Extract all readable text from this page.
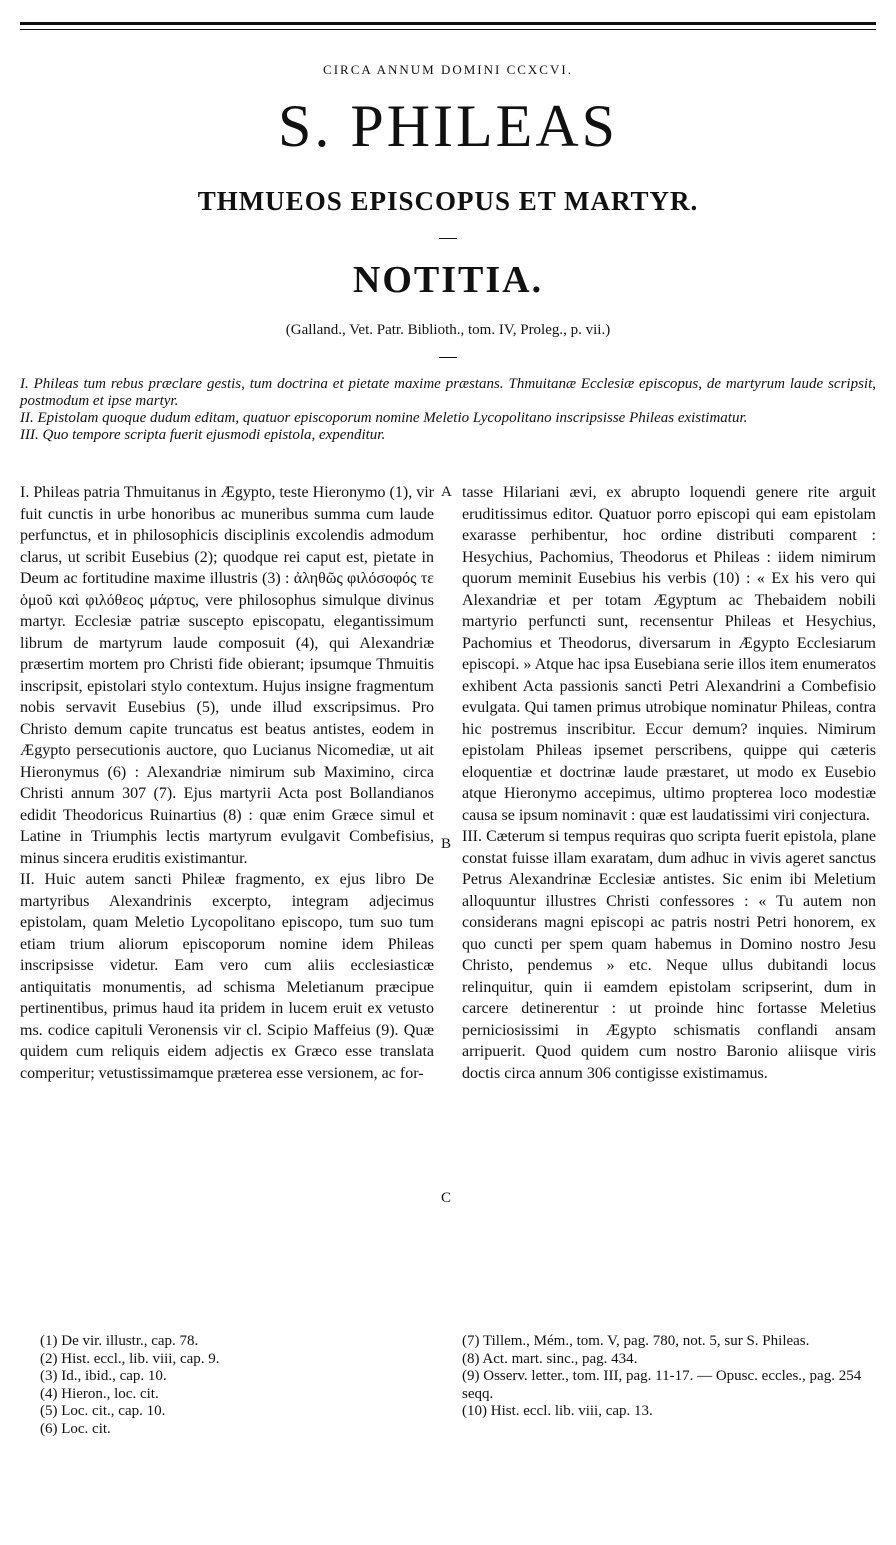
CIRCA ANNUM DOMINI CCXCVI.
S. PHILEAS
THMUEOS EPISCOPUS ET MARTYR.
NOTITIA.
(Galland., Vet. Patr. Biblioth., tom. IV, Proleg., p. vii.)

I. Phileas tum rebus præclare gestis, tum doctrina et pietate maxime præstans. Thmuitanæ Ecclesiæ episcopus, de martyrum laude scripsit, postmodum et ipse martyr.

II. Epistolam quoque dudum editam, quatuor episcoporum nomine Meletio Lycopolitano inscripsisse Phileas existimatur.

III. Quo tempore scripta fuerit ejusmodi epistola, expenditur.

I. Phileas patria Thmuitanus in Ægypto, teste Hieronymo (1), vir fuit cunctis in urbe honoribus ac muneribus summa cum laude perfunctus, et in philosophicis disciplinis excolendis admodum clarus, ut scribit Eusebius (2); quodque rei caput est, pietate in Deum ac fortitudine maxime illustris (3) : ἀληθῶς φιλόσοφός τε ὁμοῦ καὶ φιλόθεος μάρτυς, vere philosophus simulque divinus martyr. Ecclesiæ patriæ suscepto episcopatu, elegantissimum librum de martyrum laude composuit (4), qui Alexandriæ præsertim mortem pro Christi fide obierant; ipsumque Thmuitis inscripsit, epistolari stylo contextum. Hujus insigne fragmentum nobis servavit Eusebius (5), unde illud exscripsimus. Pro Christo demum capite truncatus est beatus antistes, eodem in Ægypto persecutionis auctore, quo Lucianus Nicomediæ, ut ait Hieronymus (6) : Alexandriæ nimirum sub Maximino, circa Christi annum 307 (7). Ejus martyrii Acta post Bollandianos edidit Theodoricus Ruinartius (8) : quæ enim Græce simul et Latine in Triumphis lectis martyrum evulgavit Combefisius, minus sincera eruditis existimantur.

II. Huic autem sancti Phileæ fragmento, ex ejus libro De martyribus Alexandrinis excerpto, integram adjecimus epistolam, quam Meletio Lycopolitano episcopo, tum suo tum etiam trium aliorum episcoporum nomine idem Phileas inscripsisse videtur. Eam vero cum aliis ecclesiasticæ antiquitatis monumentis, ad schisma Meletianum præcipue pertinentibus, primus haud ita pridem in lucem eruit ex vetusto ms. codice capituli Veronensis vir cl. Scipio Maffeius (9). Quæ quidem cum reliquis eidem adjectis ex Græco esse translata comperitur; vetustissimamque præterea esse versionem, ac for-

A
B
C

tasse Hilariani ævi, ex abrupto loquendi genere rite arguit eruditissimus editor. Quatuor porro episcopi qui eam epistolam exarasse perhibentur, hoc ordine distributi comparent : Hesychius, Pachomius, Theodorus et Phileas : iidem nimirum quorum meminit Eusebius his verbis (10) : « Ex his vero qui Alexandriæ et per totam Ægyptum ac Thebaidem nobili martyrio perfuncti sunt, recensentur Phileas et Hesychius, Pachomius et Theodorus, diversarum in Ægypto Ecclesiarum episcopi. » Atque hac ipsa Eusebiana serie illos item enumeratos exhibent Acta passionis sancti Petri Alexandrini a Combefisio evulgata. Qui tamen primus utrobique nominatur Phileas, contra hic postremus inscribitur. Eccur demum? inquies. Nimirum epistolam Phileas ipsemet perscribens, quippe qui cæteris eloquentiæ et doctrinæ laude præstaret, ut modo ex Eusebio atque Hieronymo accepimus, ultimo propterea loco modestiæ causa se ipsum nominavit : quæ est laudatissimi viri conjectura.

III. Cæterum si tempus requiras quo scripta fuerit epistola, plane constat fuisse illam exaratam, dum adhuc in vivis ageret sanctus Petrus Alexandrinæ Ecclesiæ antistes. Sic enim ibi Meletium alloquuntur illustres Christi confessores : « Tu autem non considerans magni episcopi ac patris nostri Petri honorem, ex quo cuncti per spem quam habemus in Domino nostro Jesu Christo, pendemus » etc. Neque ullus dubitandi locus relinquitur, quin ii eamdem epistolam scripserint, dum in carcere detinerentur : ut proinde hinc fortasse Meletius perniciosissimi in Ægypto schismatis conflandi ansam arripuerit. Quod quidem cum nostro Baronio aliisque viris doctis circa annum 306 contigisse existimamus.

(1) De vir. illustr., cap. 78.
(2) Hist. eccl., lib. viii, cap. 9.
(3) Id., ibid., cap. 10.
(4) Hieron., loc. cit.
(5) Loc. cit., cap. 10.
(6) Loc. cit.
(7) Tillem., Mém., tom. V, pag. 780, not. 5, sur S. Phileas.
(8) Act. mart. sinc., pag. 434.
(9) Osserv. letter., tom. III, pag. 11-17. — Opusc. eccles., pag. 254 seqq.
(10) Hist. eccl. lib. viii, cap. 13.
